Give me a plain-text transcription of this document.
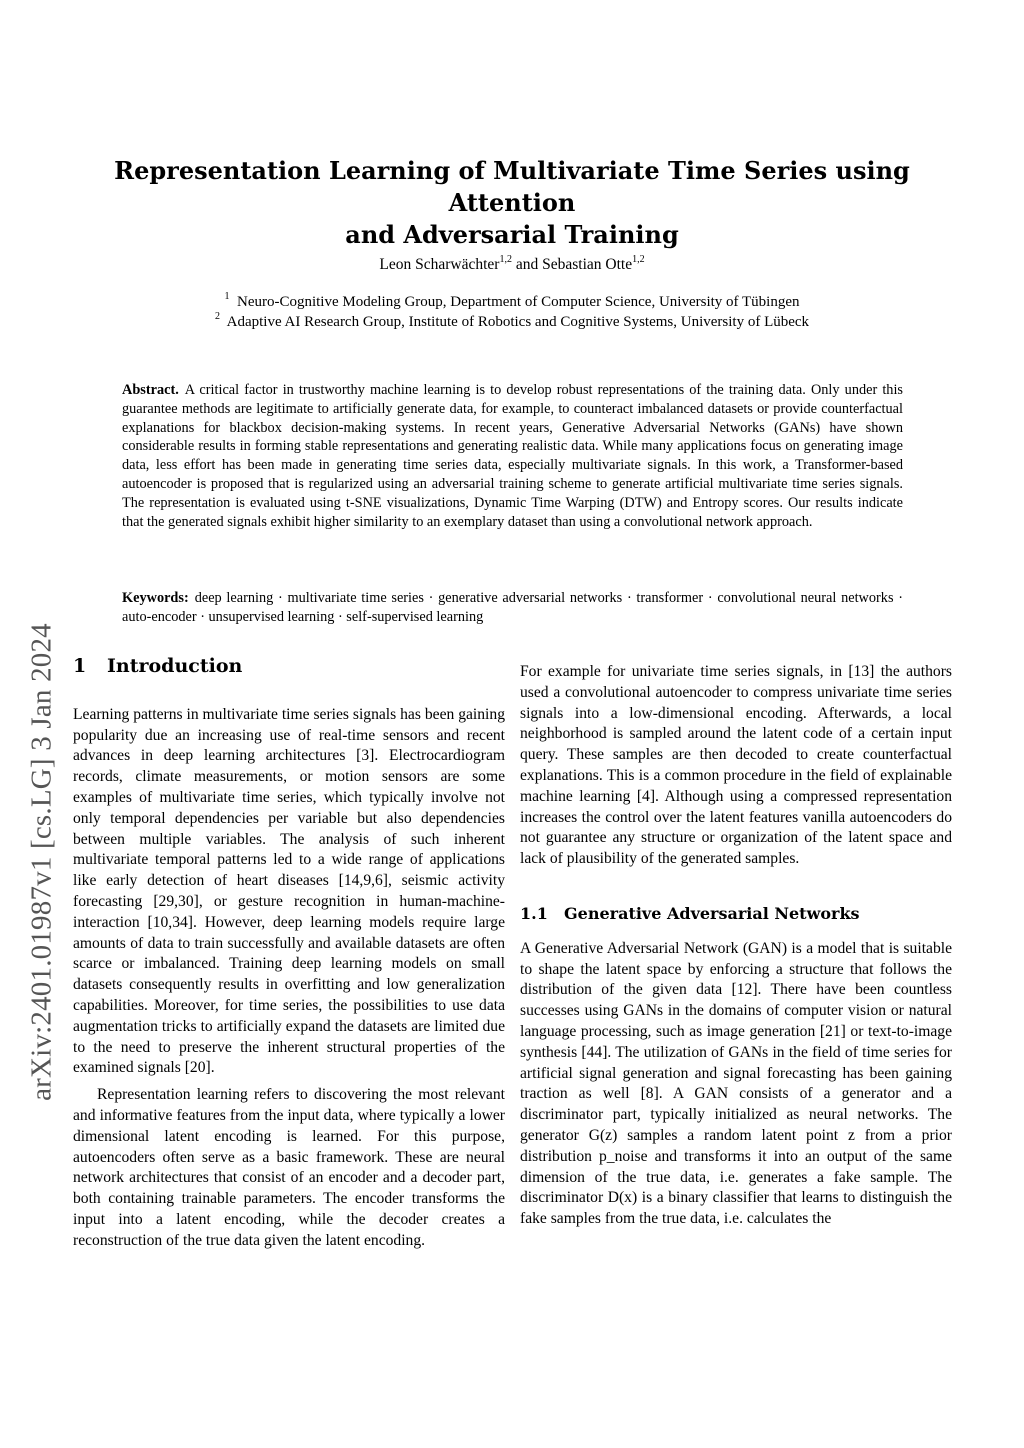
arXiv:2401.01987v1 [cs.LG] 3 Jan 2024
Representation Learning of Multivariate Time Series using Attention
and Adversarial Training
Leon Scharwächter$^{1,2}$ and Sebastian Otte$^{1,2}$
$^1$ Neuro-Cognitive Modeling Group, Department of Computer Science, University of Tübingen
$^2$ Adaptive AI Research Group, Institute of Robotics and Cognitive Systems, University of Lübeck
Abstract. A critical factor in trustworthy machine learning is to develop robust representations of the training data. Only under this guarantee methods are legitimate to artificially generate data, for example, to counteract imbalanced datasets or provide counterfactual explanations for blackbox decision-making systems. In recent years, Generative Adversarial Networks (GANs) have shown considerable results in forming stable representations and generating realistic data. While many applications focus on generating image data, less effort has been made in generating time series data, especially multivariate signals. In this work, a Transformer-based autoencoder is proposed that is regularized using an adversarial training scheme to generate artificial multivariate time series signals. The representation is evaluated using t-SNE visualizations, Dynamic Time Warping (DTW) and Entropy scores. Our results indicate that the generated signals exhibit higher similarity to an exemplary dataset than using a convolutional network approach.
Keywords: deep learning · multivariate time series · generative adversarial networks · transformer · convolutional neural networks · auto-encoder · unsupervised learning · self-supervised learning
1 Introduction

Learning patterns in multivariate time series signals has been gaining popularity due an increasing use of real-time sensors and recent advances in deep learning architectures [3]. Electrocardiogram records, climate measurements, or motion sensors are some examples of multivariate time series, which typically involve not only temporal dependencies per variable but also dependencies between multiple variables. The analysis of such inherent multivariate temporal patterns led to a wide range of applications like early detection of heart diseases [14,9,6], seismic activity forecasting [29,30], or gesture recognition in human-machine-interaction [10,34]. However, deep learning models require large amounts of data to train successfully and available datasets are often scarce or imbalanced. Training deep learning models on small datasets consequently results in overfitting and low generalization capabilities. Moreover, for time series, the possibilities to use data augmentation tricks to artificially expand the datasets are limited due to the need to preserve the inherent structural properties of the examined signals [20].

Representation learning refers to discovering the most relevant and informative features from the input data, where typically a lower dimensional latent encoding is learned. For this purpose, autoencoders often serve as a basic framework. These are neural network architectures that consist of an encoder and a decoder part, both containing trainable parameters. The encoder transforms the input into a latent encoding, while the decoder creates a reconstruction of the true data given the latent encoding.

For example for univariate time series signals, in [13] the authors used a convolutional autoencoder to compress univariate time series signals into a low-dimensional encoding. Afterwards, a local neighborhood is sampled around the latent code of a certain input query. These samples are then decoded to create counterfactual explanations. This is a common procedure in the field of explainable machine learning [4]. Although using a compressed representation increases the control over the latent features vanilla autoencoders do not guarantee any structure or organization of the latent space and lack of plausibility of the generated samples.

1.1 Generative Adversarial Networks

A Generative Adversarial Network (GAN) is a model that is suitable to shape the latent space by enforcing a structure that follows the distribution of the given data [12]. There have been countless successes using GANs in the domains of computer vision or natural language processing, such as image generation [21] or text-to-image synthesis [44]. The utilization of GANs in the field of time series for artificial signal generation and signal forecasting has been gaining traction as well [8]. A GAN consists of a generator and a discriminator part, typically initialized as neural networks. The generator G(z) samples a random latent point z from a prior distribution p_noise and transforms it into an output of the same dimension of the true data, i.e. generates a fake sample. The discriminator D(x) is a binary classifier that learns to distinguish the fake samples from the true data, i.e. calculates the
